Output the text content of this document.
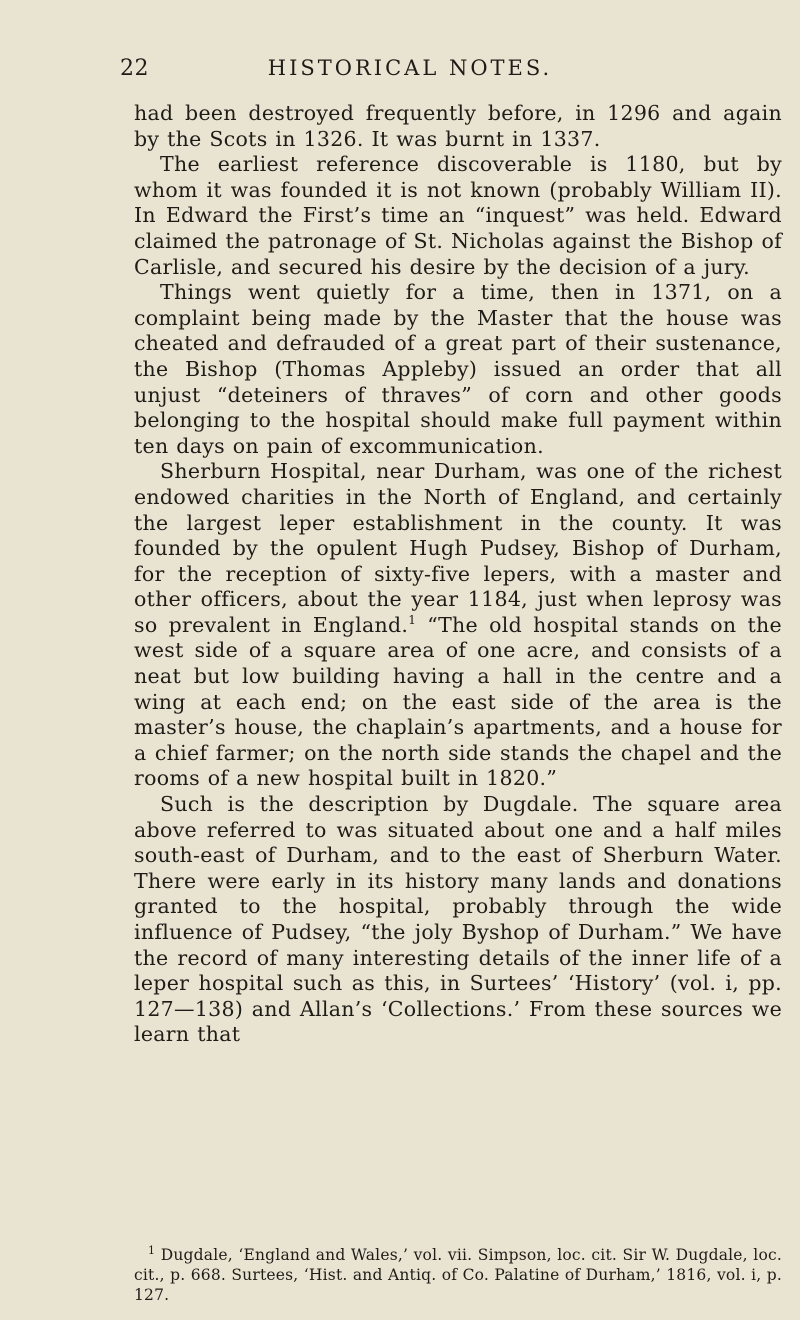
22	HISTORICAL NOTES.

had been destroyed frequently before, in 1296 and again by the Scots in 1326. It was burnt in 1337.

The earliest reference discoverable is 1180, but by whom it was founded it is not known (probably William II). In Edward the First’s time an “inquest” was held. Edward claimed the patronage of St. Nicholas against the Bishop of Carlisle, and secured his desire by the decision of a jury.

Things went quietly for a time, then in 1371, on a complaint being made by the Master that the house was cheated and defrauded of a great part of their sustenance, the Bishop (Thomas Appleby) issued an order that all unjust “deteiners of thraves” of corn and other goods belonging to the hospital should make full payment within ten days on pain of excommunication.

Sherburn Hospital, near Durham, was one of the richest endowed charities in the North of England, and certainly the largest leper establishment in the county. It was founded by the opulent Hugh Pudsey, Bishop of Durham, for the reception of sixty-five lepers, with a master and other officers, about the year 1184, just when leprosy was so prevalent in England.$^1$ “The old hospital stands on the west side of a square area of one acre, and consists of a neat but low building having a hall in the centre and a wing at each end; on the east side of the area is the master’s house, the chaplain’s apartments, and a house for a chief farmer; on the north side stands the chapel and the rooms of a new hospital built in 1820.”

Such is the description by Dugdale. The square area above referred to was situated about one and a half miles south-east of Durham, and to the east of Sherburn Water. There were early in its history many lands and donations granted to the hospital, probably through the wide influence of Pudsey, “the joly Byshop of Durham.” We have the record of many interesting details of the inner life of a leper hospital such as this, in Surtees’ ‘History’ (vol. i, pp. 127—138) and Allan’s ‘Collections.’ From these sources we learn that

$^1$ Dugdale, ‘England and Wales,’ vol. vii. Simpson, loc. cit. Sir W. Dugdale, loc. cit., p. 668. Surtees, ‘Hist. and Antiq. of Co. Palatine of Durham,’ 1816, vol. i, p. 127.
